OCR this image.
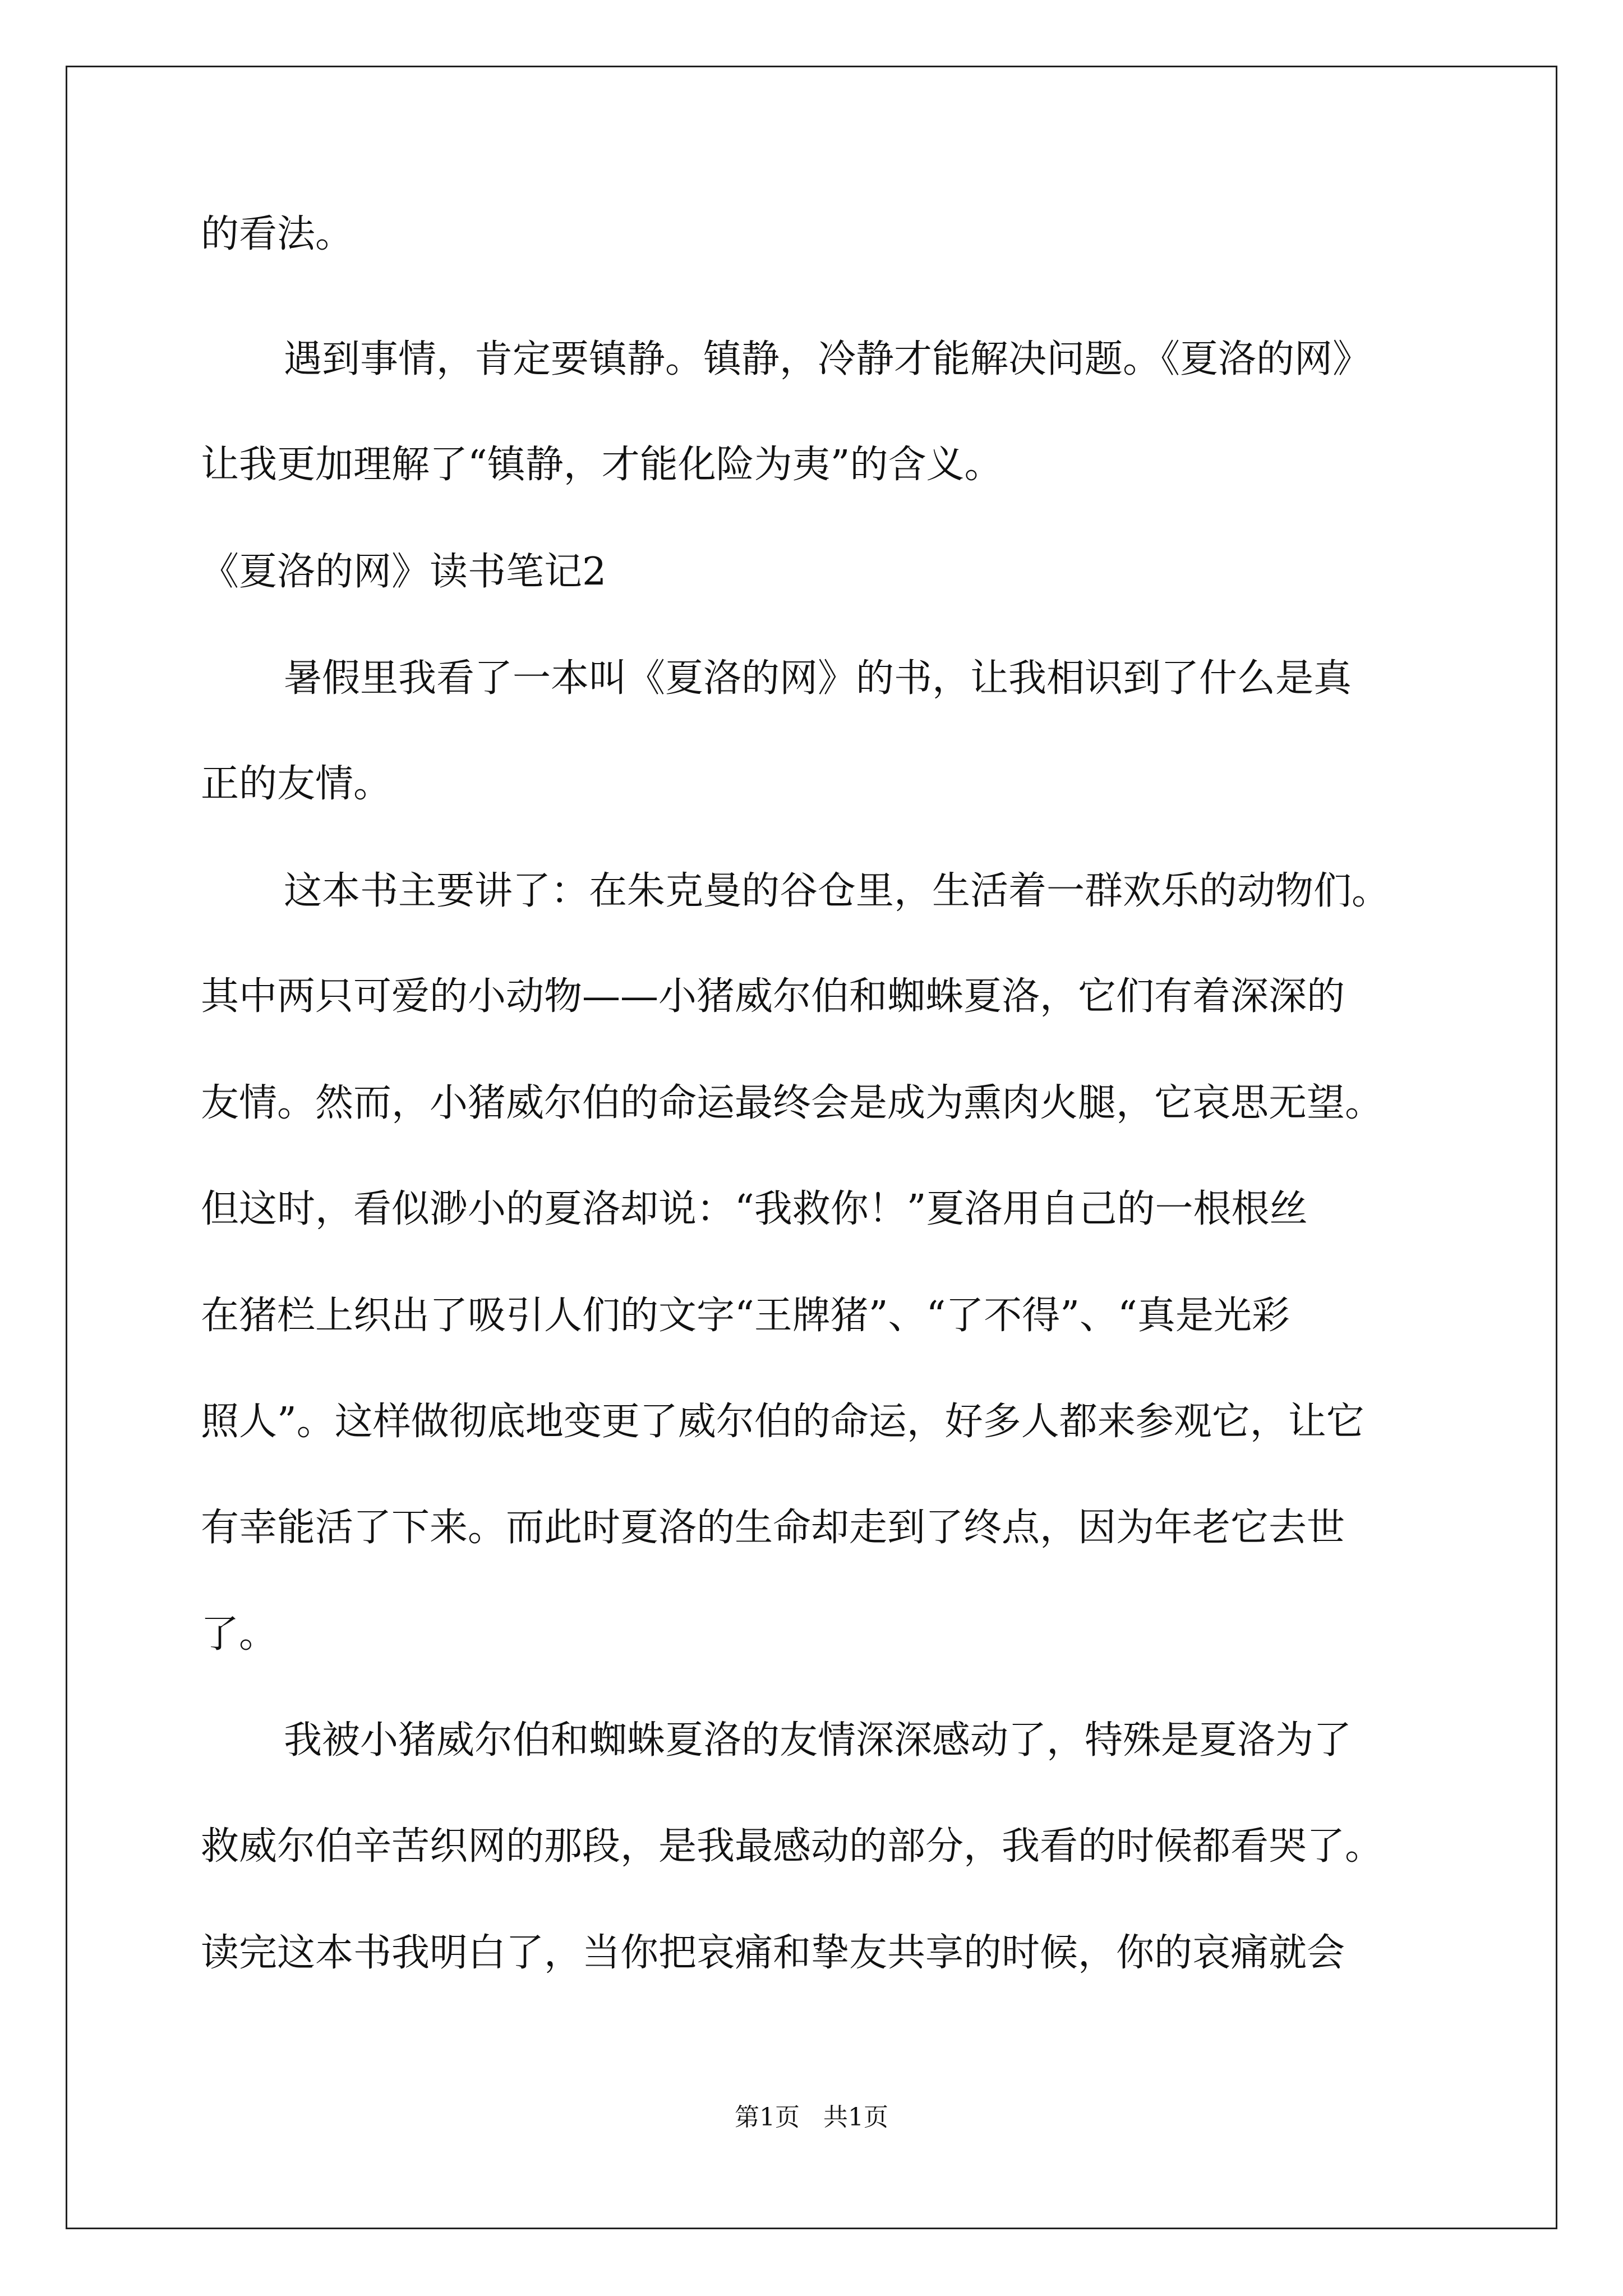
的看法。
遇到事情，肯定要镇静。镇静，冷静才能解决问题。《夏洛的网》
让我更加理解了“镇静，才能化险为夷”的含义。
《夏洛的网》读书笔记2
暑假里我看了一本叫《夏洛的网》的书，让我相识到了什么是真
正的友情。
这本书主要讲了：在朱克曼的谷仓里，生活着一群欢乐的动物们。
其中两只可爱的小动物——小猪威尔伯和蜘蛛夏洛，它们有着深深的
友情。然而，小猪威尔伯的命运最终会是成为熏肉火腿，它哀思无望。
但这时，看似渺小的夏洛却说：“我救你！”夏洛用自己的一根根丝
在猪栏上织出了吸引人们的文字“王牌猪”、“了不得”、“真是光彩
照人”。这样做彻底地变更了威尔伯的命运，好多人都来参观它，让它
有幸能活了下来。而此时夏洛的生命却走到了终点，因为年老它去世
了。
我被小猪威尔伯和蜘蛛夏洛的友情深深感动了，特殊是夏洛为了
救威尔伯辛苦织网的那段，是我最感动的部分，我看的时候都看哭了。
读完这本书我明白了，当你把哀痛和挚友共享的时候，你的哀痛就会
第1页   共1页
